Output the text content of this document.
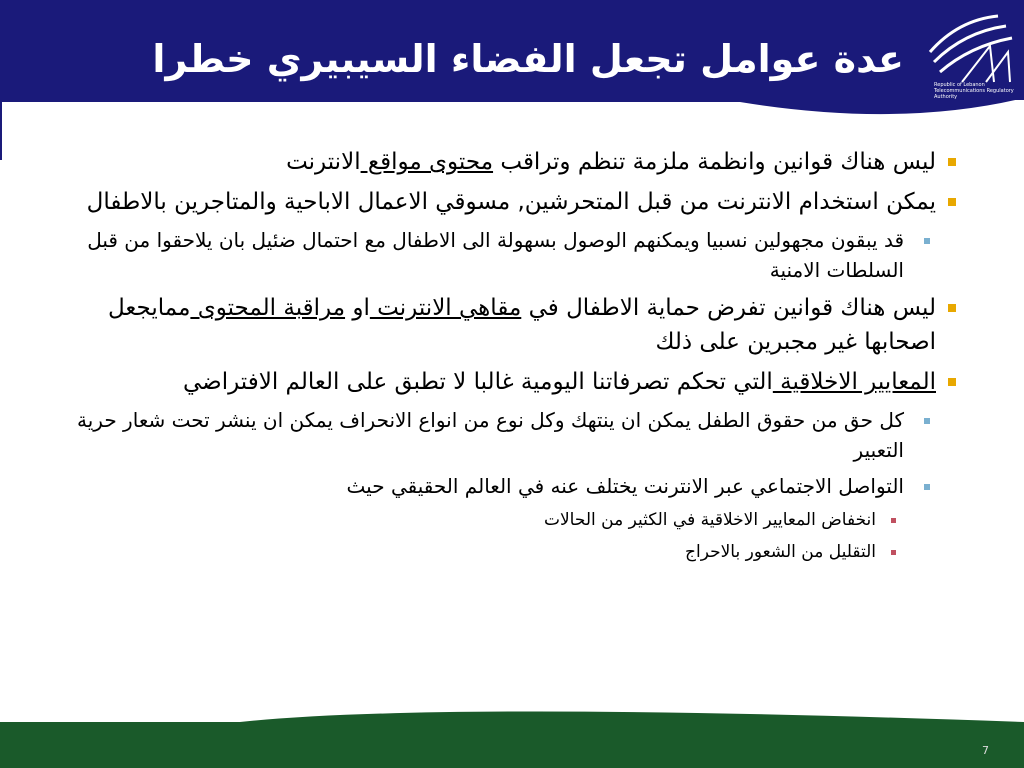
عدة عوامل تجعل الفضاء السيبيري خطرا
Republic of Lebanon Telecommunications Regulatory Authority
ليس هناك قوانين وانظمة ملزمة تنظم وتراقب محتوى مواقع الانترنت
يمكن استخدام الانترنت من قبل المتحرشين, مسوقي الاعمال الاباحية والمتاجرين بالاطفال
قد يبقون مجهولين نسبيا ويمكنهم الوصول بسهولة الى الاطفال مع احتمال ضئيل بان يلاحقوا من قبل السلطات الامنية
ليس هناك قوانين تفرض حماية الاطفال في مقاهي الانترنت او مراقبة المحتوى ممايجعل اصحابها غير مجبرين على ذلك
المعايير الاخلاقية التي تحكم تصرفاتنا اليومية غالبا لا تطبق على العالم الافتراضي
كل حق من حقوق الطفل يمكن ان ينتهك وكل نوع من انواع الانحراف يمكن ان ينشر تحت شعار حرية التعبير
التواصل الاجتماعي عبر الانترنت يختلف عنه في العالم الحقيقي حيث
انخفاض المعايير الاخلاقية في الكثير من الحالات
التقليل من الشعور بالاحراج
7
